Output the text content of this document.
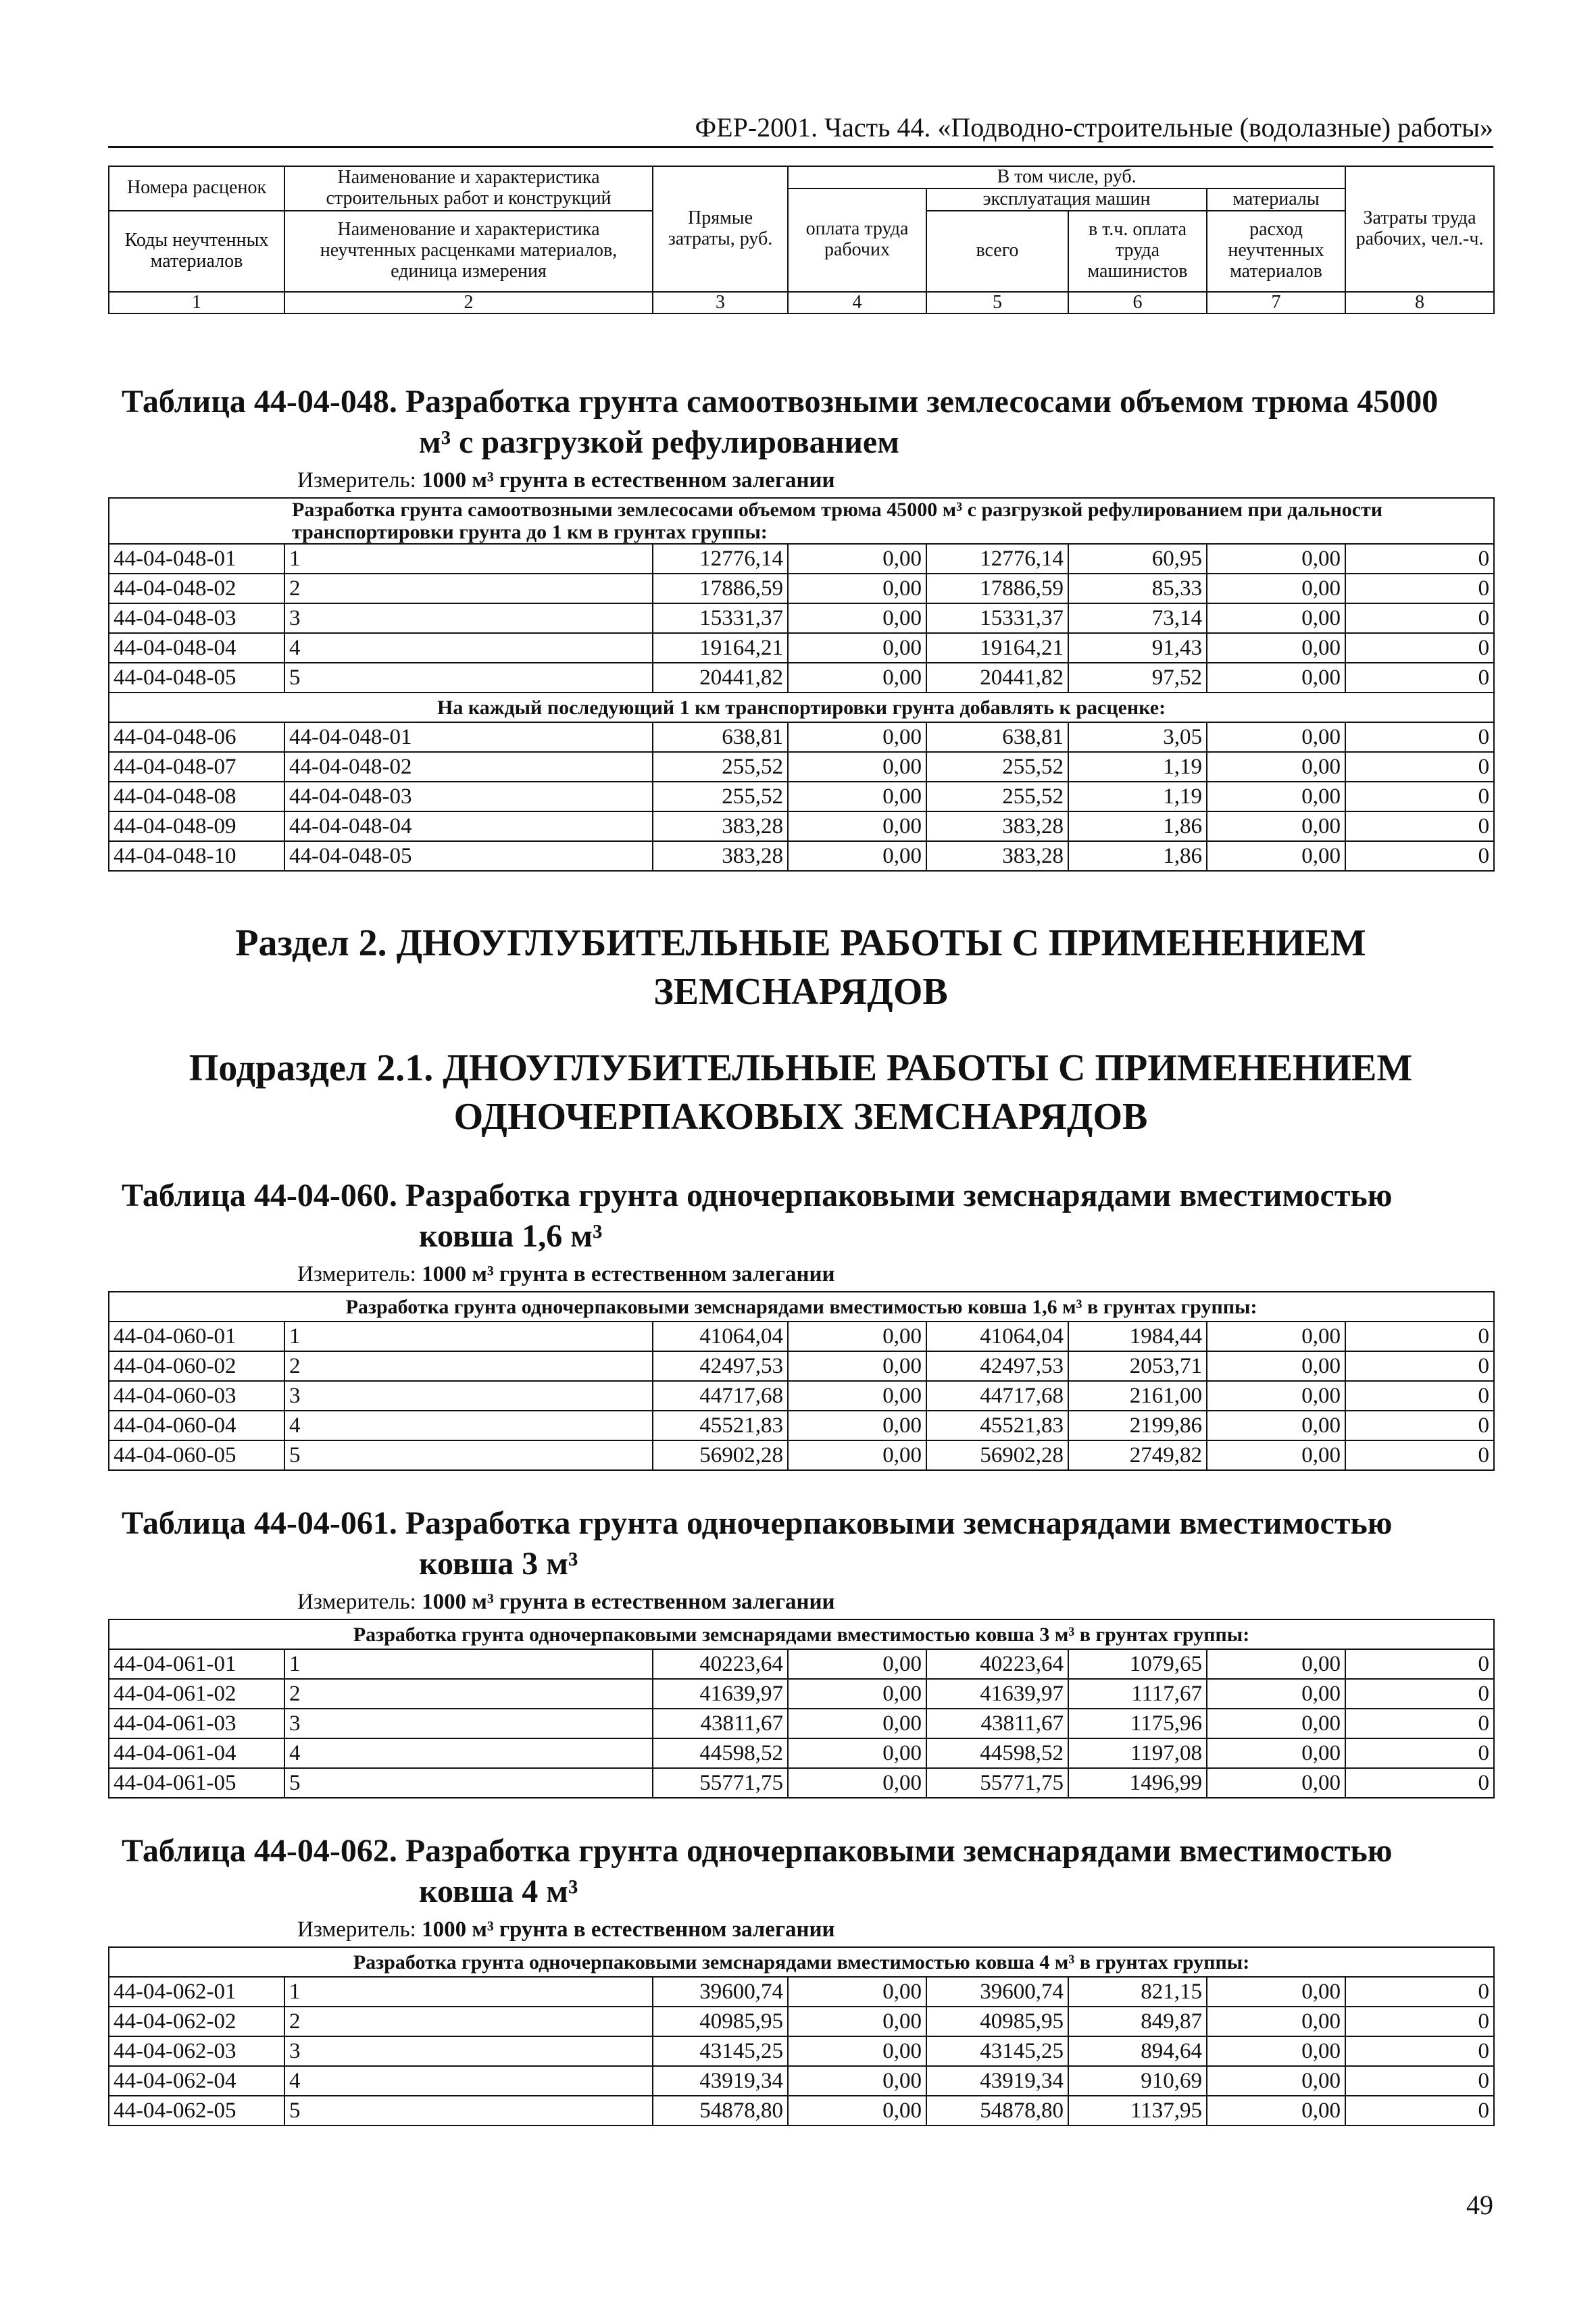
ФЕР-2001. Часть 44. «Подводно-строительные (водолазные) работы»
Номера расценок	Наименование и характеристика строительных работ и конструкций	Прямые затраты, руб.	В том числе, руб.				Затраты труда рабочих, чел.-ч.
			оплата труда рабочих	эксплуатация машин		материалы	
Коды неучтенных материалов	Наименование и характеристика неучтенных расценками материалов, единица измерения			всего	в т.ч. оплата труда машинистов	расход неучтенных материалов	

1	2	3	4	5	6	7	8
Таблица 44-04-048. Разработка грунта самоотвозными землесосами объемом трюма 45000
м³ с разгрузкой рефулированием
Измеритель: 1000 м³ грунта в естественном залегании
Разработка грунта самоотвозными землесосами объемом трюма 45000 м³ с разгрузкой рефулированием при дальности транспортировки грунта до 1 км в грунтах группы:							
44-04-048-01	1	12776,14	0,00	12776,14	60,95	0,00	0
44-04-048-02	2	17886,59	0,00	17886,59	85,33	0,00	0
44-04-048-03	3	15331,37	0,00	15331,37	73,14	0,00	0
44-04-048-04	4	19164,21	0,00	19164,21	91,43	0,00	0
44-04-048-05	5	20441,82	0,00	20441,82	97,52	0,00	0
На каждый последующий 1 км транспортировки грунта добавлять к расценке:							
44-04-048-06	44-04-048-01	638,81	0,00	638,81	3,05	0,00	0
44-04-048-07	44-04-048-02	255,52	0,00	255,52	1,19	0,00	0
44-04-048-08	44-04-048-03	255,52	0,00	255,52	1,19	0,00	0
44-04-048-09	44-04-048-04	383,28	0,00	383,28	1,86	0,00	0
44-04-048-10	44-04-048-05	383,28	0,00	383,28	1,86	0,00	0
Раздел 2. ДНОУГЛУБИТЕЛЬНЫЕ РАБОТЫ С ПРИМЕНЕНИЕМ
ЗЕМСНАРЯДОВ
Подраздел 2.1. ДНОУГЛУБИТЕЛЬНЫЕ РАБОТЫ С ПРИМЕНЕНИЕМ
ОДНОЧЕРПАКОВЫХ ЗЕМСНАРЯДОВ
Таблица 44-04-060. Разработка грунта одночерпаковыми земснарядами вместимостью
ковша 1,6 м³
Измеритель: 1000 м³ грунта в естественном залегании
Разработка грунта одночерпаковыми земснарядами вместимостью ковша 1,6 м³ в грунтах группы:							
44-04-060-01	1	41064,04	0,00	41064,04	1984,44	0,00	0
44-04-060-02	2	42497,53	0,00	42497,53	2053,71	0,00	0
44-04-060-03	3	44717,68	0,00	44717,68	2161,00	0,00	0
44-04-060-04	4	45521,83	0,00	45521,83	2199,86	0,00	0
44-04-060-05	5	56902,28	0,00	56902,28	2749,82	0,00	0
Таблица 44-04-061. Разработка грунта одночерпаковыми земснарядами вместимостью
ковша 3 м³
Измеритель: 1000 м³ грунта в естественном залегании
Разработка грунта одночерпаковыми земснарядами вместимостью ковша 3 м³ в грунтах группы:							
44-04-061-01	1	40223,64	0,00	40223,64	1079,65	0,00	0
44-04-061-02	2	41639,97	0,00	41639,97	1117,67	0,00	0
44-04-061-03	3	43811,67	0,00	43811,67	1175,96	0,00	0
44-04-061-04	4	44598,52	0,00	44598,52	1197,08	0,00	0
44-04-061-05	5	55771,75	0,00	55771,75	1496,99	0,00	0
Таблица 44-04-062. Разработка грунта одночерпаковыми земснарядами вместимостью
ковша 4 м³
Измеритель: 1000 м³ грунта в естественном залегании
Разработка грунта одночерпаковыми земснарядами вместимостью ковша 4 м³ в грунтах группы:							
44-04-062-01	1	39600,74	0,00	39600,74	821,15	0,00	0
44-04-062-02	2	40985,95	0,00	40985,95	849,87	0,00	0
44-04-062-03	3	43145,25	0,00	43145,25	894,64	0,00	0
44-04-062-04	4	43919,34	0,00	43919,34	910,69	0,00	0
44-04-062-05	5	54878,80	0,00	54878,80	1137,95	0,00	0
49
